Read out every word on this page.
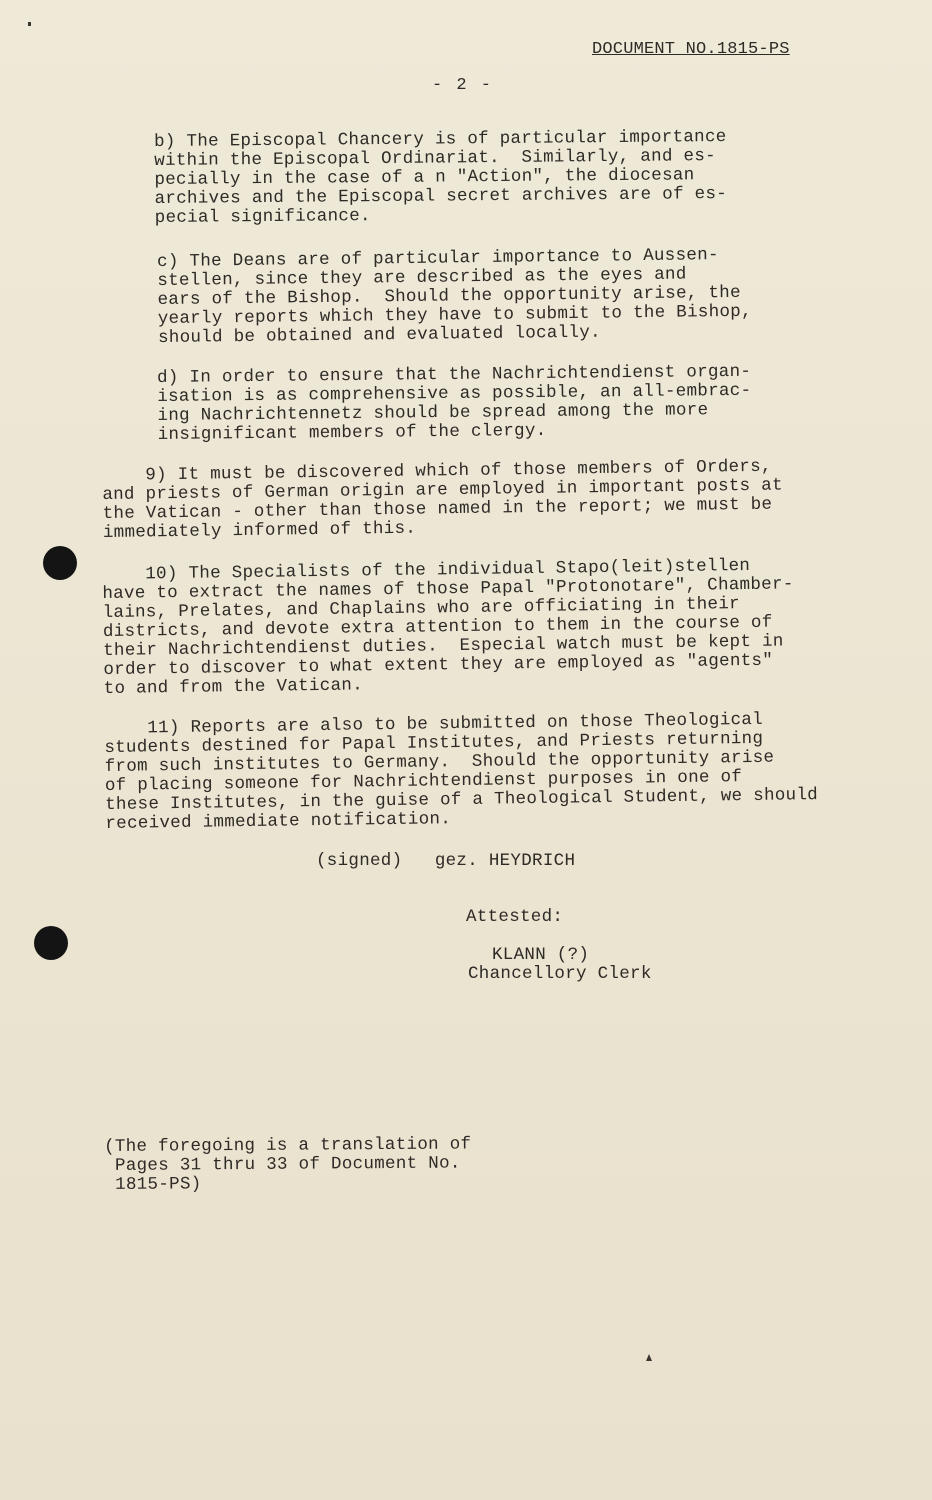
DOCUMENT NO.1815-PS
- 2 -
b) The Episcopal Chancery is of particular importance
within the Episcopal Ordinariat.  Similarly, and es-
pecially in the case of a n "Action", the diocesan
archives and the Episcopal secret archives are of es-
pecial significance.
c) The Deans are of particular importance to Aussen-
stellen, since they are described as the eyes and
ears of the Bishop.  Should the opportunity arise, the
yearly reports which they have to submit to the Bishop,
should be obtained and evaluated locally.
d) In order to ensure that the Nachrichtendienst organ-
isation is as comprehensive as possible, an all-embrac-
ing Nachrichtennetz should be spread among the more
insignificant members of the clergy.
9) It must be discovered which of those members of Orders,
and priests of German origin are employed in important posts at
the Vatican - other than those named in the report; we must be
immediately informed of this.
10) The Specialists of the individual Stapo(leit)stellen
have to extract the names of those Papal "Protonotare", Chamber-
lains, Prelates, and Chaplains who are officiating in their
districts, and devote extra attention to them in the course of
their Nachrichtendienst duties.  Especial watch must be kept in
order to discover to what extent they are employed as "agents"
to and from the Vatican.
11) Reports are also to be submitted on those Theological
students destined for Papal Institutes, and Priests returning
from such institutes to Germany.  Should the opportunity arise
of placing someone for Nachrichtendienst purposes in one of
these Institutes, in the guise of a Theological Student, we should
received immediate notification.
(signed)   gez. HEYDRICH
Attested:
KLANN (?)
Chancellory Clerk
(The foregoing is a translation of
Pages 31 thru 33 of Document No.
1815-PS)
